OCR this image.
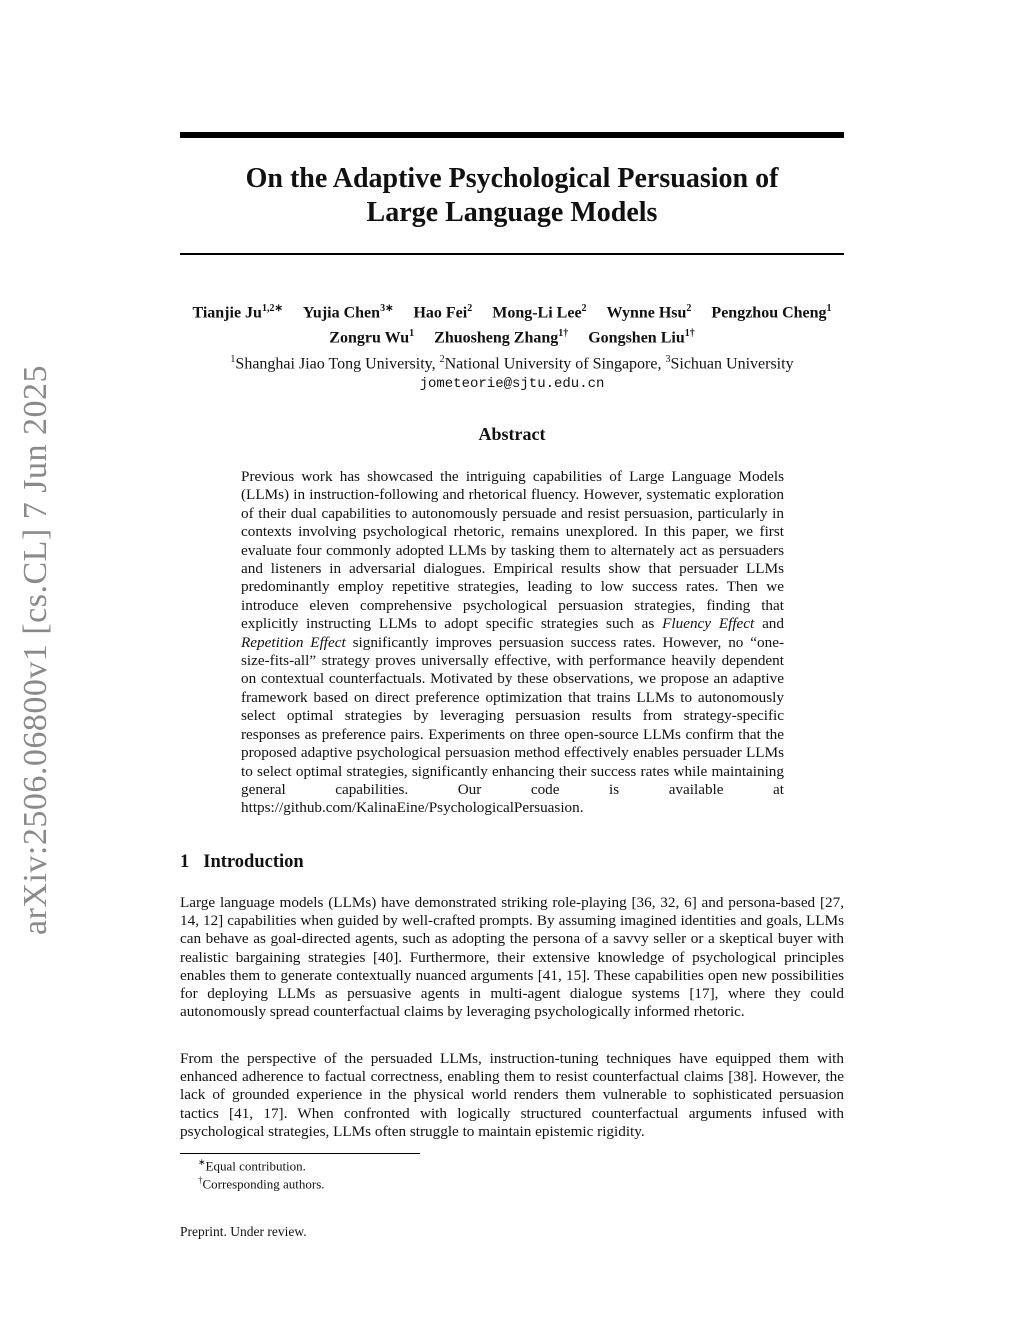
arXiv:2506.06800v1 [cs.CL] 7 Jun 2025
On the Adaptive Psychological Persuasion of
Large Language Models
Tianjie $Ju^{1,2∗}$ Yujia Chen$^{3∗}$ Hao Fei$^2$ Mong-Li Lee$^2$ Wynne Hsu$^2$ Pengzhou Cheng$^1$
Zongru Wu$^1$ Zhuosheng Zhang$^{1\dagger}$ Gongshen Liu$^{1\dagger}$
$^1$Shanghai Jiao Tong University, $^2$National University of Singapore, $^3$Sichuan University
jometeorie@sjtu.edu.cn
Abstract
Previous work has showcased the intriguing capabilities of Large Language Models (LLMs) in instruction-following and rhetorical fluency. However, systematic exploration of their dual capabilities to autonomously persuade and resist persuasion, particularly in contexts involving psychological rhetoric, remains unexplored. In this paper, we first evaluate four commonly adopted LLMs by tasking them to alternately act as persuaders and listeners in adversarial dialogues. Empirical results show that persuader LLMs predominantly employ repetitive strategies, leading to low success rates. Then we introduce eleven comprehensive psychological persuasion strategies, finding that explicitly instructing LLMs to adopt specific strategies such as Fluency Effect and Repetition Effect significantly improves persuasion success rates. However, no “one-size-fits-all” strategy proves universally effective, with performance heavily dependent on contextual counterfactuals. Motivated by these observations, we propose an adaptive framework based on direct preference optimization that trains LLMs to autonomously select optimal strategies by leveraging persuasion results from strategy-specific responses as preference pairs. Experiments on three open-source LLMs confirm that the proposed adaptive psychological persuasion method effectively enables persuader LLMs to select optimal strategies, significantly enhancing their success rates while maintaining general capabilities. Our code is available at https://github.com/KalinaEine/PsychologicalPersuasion.
1 Introduction
Large language models (LLMs) have demonstrated striking role-playing [36, 32, 6] and persona-based [27, 14, 12] capabilities when guided by well-crafted prompts. By assuming imagined identities and goals, LLMs can behave as goal-directed agents, such as adopting the persona of a savvy seller or a skeptical buyer with realistic bargaining strategies [40]. Furthermore, their extensive knowledge of psychological principles enables them to generate contextually nuanced arguments [41, 15]. These capabilities open new possibilities for deploying LLMs as persuasive agents in multi-agent dialogue systems [17], where they could autonomously spread counterfactual claims by leveraging psychologically informed rhetoric.
From the perspective of the persuaded LLMs, instruction-tuning techniques have equipped them with enhanced adherence to factual correctness, enabling them to resist counterfactual claims [38]. However, the lack of grounded experience in the physical world renders them vulnerable to sophisticated persuasion tactics [41, 17]. When confronted with logically structured counterfactual arguments infused with psychological strategies, LLMs often struggle to maintain epistemic rigidity.
∗Equal contribution.
†Corresponding authors.
Preprint. Under review.
